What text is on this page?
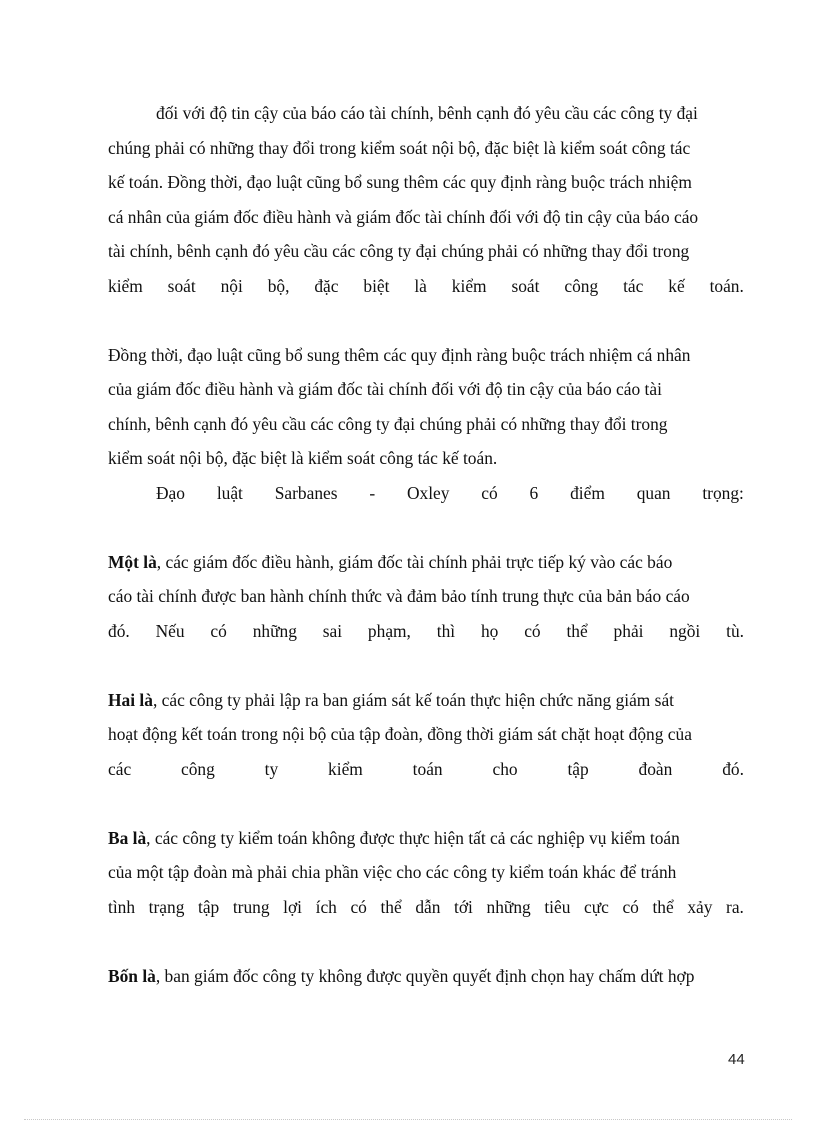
đối với độ tin cậy của báo cáo tài chính, bênh cạnh đó yêu cầu các công ty đại
chúng phải có những thay đổi trong kiểm soát nội bộ, đặc biệt là kiểm soát công tác
kế toán. Đồng thời, đạo luật cũng bổ sung thêm các quy định ràng buộc trách nhiệm
cá nhân của giám đốc điều hành và giám đốc tài chính đối với độ tin cậy của báo cáo
tài chính, bênh cạnh đó yêu cầu các công ty đại chúng phải có những thay đổi trong
kiểm soát nội bộ, đặc biệt là kiểm soát công tác kế toán.
Đồng thời, đạo luật cũng bổ sung thêm các quy định ràng buộc trách nhiệm cá nhân
của giám đốc điều hành và giám đốc tài chính đối với độ tin cậy của báo cáo tài
chính, bênh cạnh đó yêu cầu các công ty đại chúng phải có những thay đổi trong
kiểm soát nội bộ, đặc biệt là kiểm soát công tác kế toán.
Đạo luật Sarbanes - Oxley có 6 điểm quan trọng:
Một là, các giám đốc điều hành, giám đốc tài chính phải trực tiếp ký vào các báo
cáo tài chính được ban hành chính thức và đảm bảo tính trung thực của bản báo cáo
đó. Nếu có những sai phạm, thì họ có thể phải ngồi tù.
Hai là, các công ty phải lập ra ban giám sát kế toán thực hiện chức năng giám sát
hoạt động kết toán trong nội bộ của tập đoàn, đồng thời giám sát chặt hoạt động của
các	công	ty	kiểm	toán	cho	tập	đoàn	đó.
Ba là, các công ty kiểm toán không được thực hiện tất cả các nghiệp vụ kiểm toán
của một tập đoàn mà phải chia phần việc cho các công ty kiểm toán khác để tránh
tình trạng tập trung lợi ích có thể dẫn tới những tiêu cực có thể xảy ra.
Bốn là, ban giám đốc công ty không được quyền quyết định chọn hay chấm dứt hợp
44
